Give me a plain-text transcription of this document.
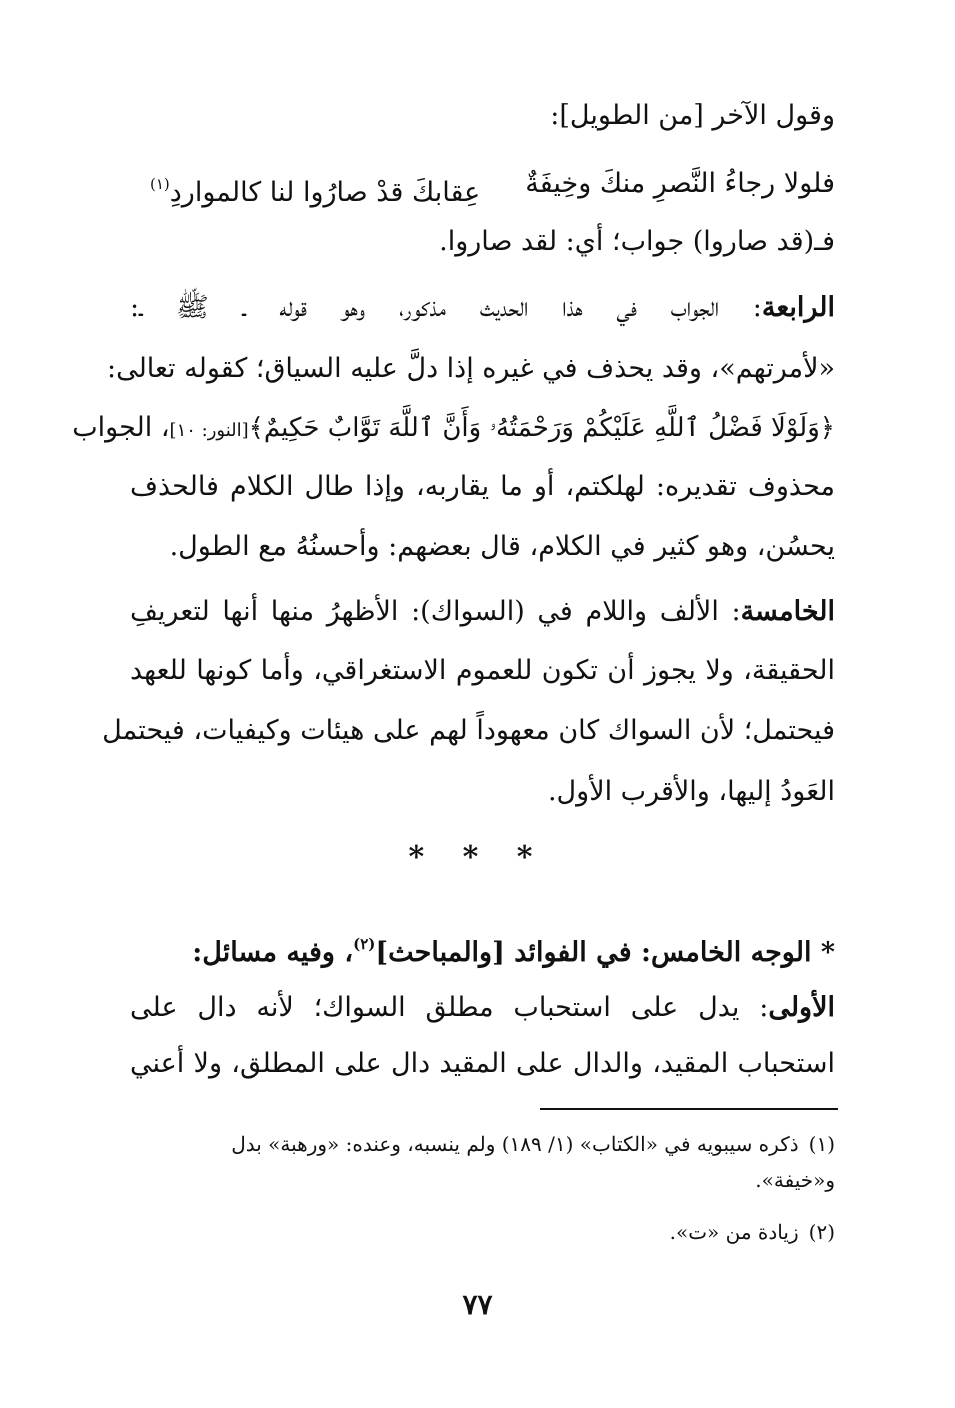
وقول الآخر [من الطويل]:

فلولا رجاءُ النَّصرِ منكَ وخِيفَةٌ
عِقابكَ قدْ صارُوا لنا كالمواردِ$^{(١)}$

فـ(قد صاروا) جواب؛ أي: لقد صاروا.

الرابعة: الجواب في هذا الحديث مذكور، وهو قوله ـ ﷺ ـ:

«لأمرتهم»، وقد يحذف في غيره إذا دلَّ عليه السياق؛ كقوله تعالى:

﴿وَلَوْلَا فَضْلُ ٱللَّهِ عَلَيْكُمْ وَرَحْمَتُهُۥ وَأَنَّ ٱللَّهَ تَوَّابٌ حَكِيمٌ﴾[النور: ١٠]، الجواب

محذوف تقديره: لهلكتم، أو ما يقاربه، وإذا طال الكلام فالحذف

يحسُن، وهو كثير في الكلام، قال بعضهم: وأحسنُهُ مع الطول.

الخامسة: الألف واللام في (السواك): الأظهرُ منها أنها لتعريفِ

الحقيقة، ولا يجوز أن تكون للعموم الاستغراقي، وأما كونها للعهد

فيحتمل؛ لأن السواك كان معهوداً لهم على هيئات وكيفيات، فيحتمل

العَودُ إليها، والأقرب الأول.

* * *

* الوجه الخامس: في الفوائد [والمباحث]$^{(٢)}$، وفيه مسائل:

الأولى: يدل على استحباب مطلق السواك؛ لأنه دال على

استحباب المقيد، والدال على المقيد دال على المطلق، ولا أعني

(١)ذكره سيبويه في «الكتاب» (١/ ١٨٩) ولم ينسبه، وعنده: «ورهبة» بدل

و«خيفة».

(٢)زيادة من «ت».

٧٧
